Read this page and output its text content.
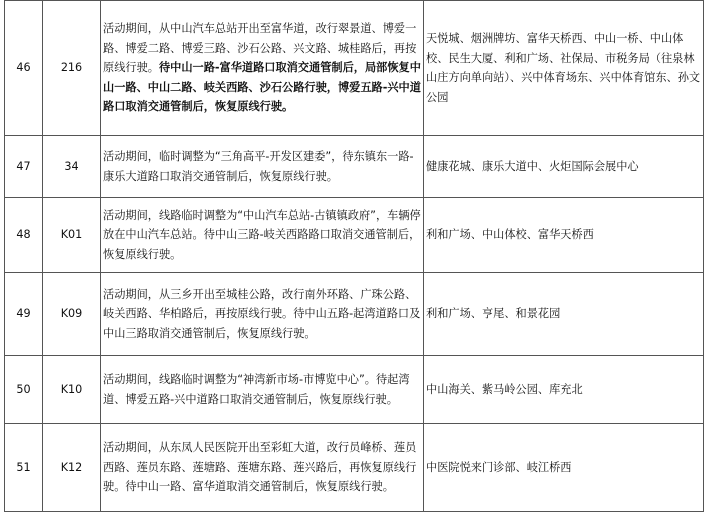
46	216	活动期间，从中山汽车总站开出至富华道，改行翠景道、博爱一路、博爱二路、博爱三路、沙石公路、兴文路、城桂路后，再按原线行驶。待中山一路-富华道路口取消交通管制后，局部恢复中山一路、中山二路、岐关西路、沙石公路行驶，博爱五路-兴中道路口取消交通管制后，恢复原线行驶。	天悦城、烟洲牌坊、富华天桥西、中山一桥、中山体校、民生大厦、利和广场、社保局、市税务局（往泉林山庄方向单向站）、兴中体育场东、兴中体育馆东、孙文公园
47	34	活动期间，临时调整为“三角高平-开发区建委”，待东镇东一路-康乐大道路口取消交通管制后，恢复原线行驶。	健康花城、康乐大道中、火炬国际会展中心
48	K01	活动期间，线路临时调整为“中山汽车总站-古镇镇政府”，车辆停放在中山汽车总站。待中山三路-岐关西路路口取消交通管制后，恢复原线行驶。	利和广场、中山体校、富华天桥西
49	K09	活动期间，从三乡开出至城桂公路，改行南外环路、广珠公路、岐关西路、华柏路后，再按原线行驶。待中山五路-起湾道路口及中山三路取消交通管制后，恢复原线行驶。	利和广场、亨尾、和景花园
50	K10	活动期间，线路临时调整为“神湾新市场-市博览中心”。待起湾道、博爱五路-兴中道路口取消交通管制后，恢复原线行驶。	中山海关、紫马岭公园、库充北
51	K12	活动期间，从东凤人民医院开出至彩虹大道，改行员峰桥、莲员西路、莲员东路、莲塘路、莲塘东路、莲兴路后，再恢复原线行驶。待中山一路、富华道取消交通管制后，恢复原线行驶。	中医院悦来门诊部、岐江桥西
